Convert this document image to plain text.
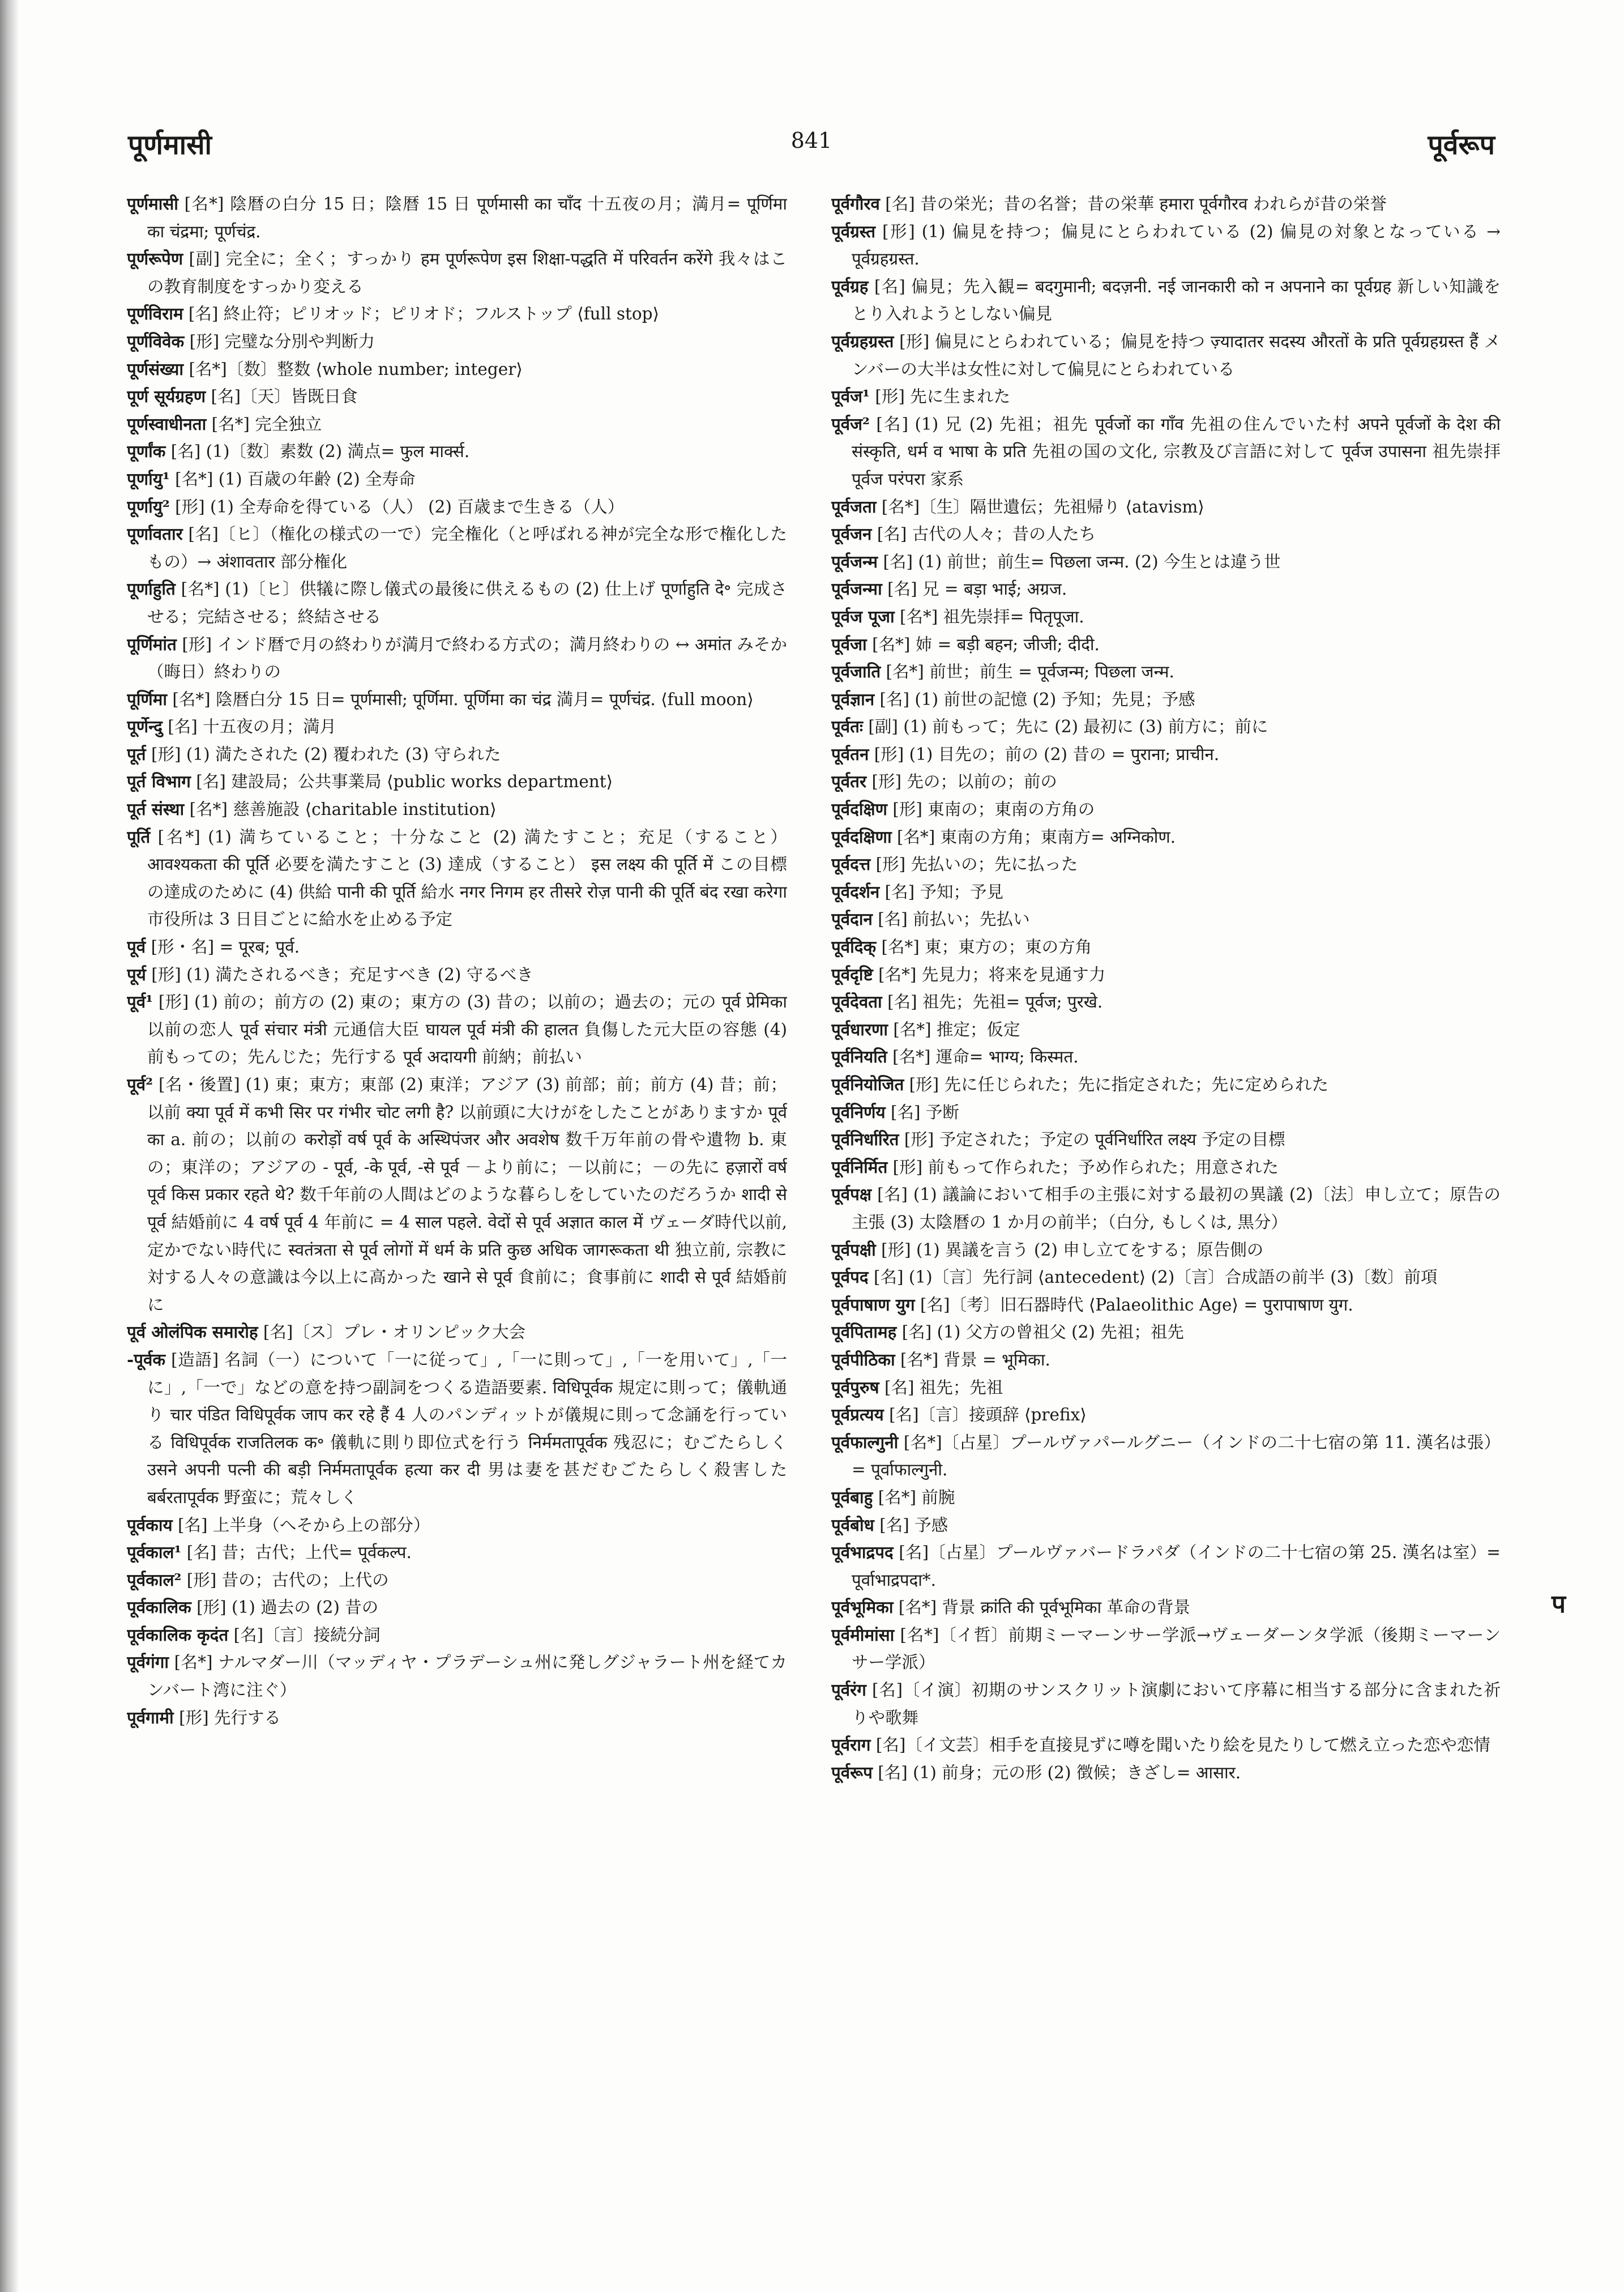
पूर्णमासी	841	पूर्वरूप

पूर्णमासी [名*] 陰暦の白分 15 日；陰暦 15 日 पूर्णमासी का चाँद 十五夜の月；満月= पूर्णिमा का चंद्रमा; पूर्णचंद्र.

पूर्णरूपेण [副] 完全に；全く；すっかり हम पूर्णरूपेण इस शिक्षा-पद्धति में परिवर्तन करेंगे 我々はこの教育制度をすっかり変える

पूर्णविराम [名] 終止符；ピリオッド；ピリオド；フルストップ ⟨full stop⟩

पूर्णविवेक [形] 完璧な分別や判断力

पूर्णसंख्या [名*]〔数〕整数 ⟨whole number; integer⟩

पूर्ण सूर्यग्रहण [名]〔天〕皆既日食

पूर्णस्वाधीनता [名*] 完全独立

पूर्णांक [名] (1)〔数〕素数 (2) 満点= फुल मार्क्स.

पूर्णायु¹ [名*] (1) 百歳の年齢 (2) 全寿命

पूर्णायु² [形] (1) 全寿命を得ている（人） (2) 百歳まで生きる（人）

पूर्णावतार [名]〔ヒ〕（権化の様式の一で）完全権化（と呼ばれる神が完全な形で権化したもの）→ अंशावतार 部分権化

पूर्णाहुति [名*] (1)〔ヒ〕供犠に際し儀式の最後に供えるもの (2) 仕上げ पूर्णाहुति दे॰ 完成させる；完結させる；終結させる

पूर्णिमांत [形] インド暦で月の終わりが満月で終わる方式の；満月終わりの ↔ अमांत みそか（晦日）終わりの

पूर्णिमा [名*] 陰暦白分 15 日= पूर्णमासी; पूर्णिमा. पूर्णिमा का चंद्र 満月= पूर्णचंद्र. ⟨full moon⟩

पूर्णेन्दु [名] 十五夜の月；満月

पूर्त [形] (1) 満たされた (2) 覆われた (3) 守られた

पूर्त विभाग [名] 建設局；公共事業局 ⟨public works department⟩

पूर्त संस्था [名*] 慈善施設 ⟨charitable institution⟩

पूर्ति [名*] (1) 満ちていること；十分なこと (2) 満たすこと；充足（すること） आवश्यकता की पूर्ति 必要を満たすこと (3) 達成（すること） इस लक्ष्य की पूर्ति में この目標の達成のために (4) 供給 पानी की पूर्ति 給水 नगर निगम हर तीसरे रोज़ पानी की पूर्ति बंद रखा करेगा 市役所は 3 日目ごとに給水を止める予定

पूर्व [形・名] = पूरब; पूर्व.

पूर्य [形] (1) 満たされるべき；充足すべき (2) 守るべき

पूर्व¹ [形] (1) 前の；前方の (2) 東の；東方の (3) 昔の；以前の；過去の；元の पूर्व प्रेमिका 以前の恋人 पूर्व संचार मंत्री 元通信大臣 घायल पूर्व मंत्री की हालत 負傷した元大臣の容態 (4) 前もっての；先んじた；先行する पूर्व अदायगी 前納；前払い

पूर्व² [名・後置] (1) 東；東方；東部 (2) 東洋；アジア (3) 前部；前；前方 (4) 昔；前；以前 क्या पूर्व में कभी सिर पर गंभीर चोट लगी है? 以前頭に大けがをしたことがありますか पूर्व का a. 前の；以前の करोड़ों वर्ष पूर्व के अस्थिपंजर और अवशेष 数千万年前の骨や遺物 b. 東の；東洋の；アジアの - पूर्व, -के पूर्व, -से पूर्व －より前に；－以前に；－の先に हज़ारों वर्ष पूर्व किस प्रकार रहते थे? 数千年前の人間はどのような暮らしをしていたのだろうか शादी से पूर्व 結婚前に 4 वर्ष पूर्व 4 年前に = 4 साल पहले. वेदों से पूर्व अज्ञात काल में ヴェーダ時代以前, 定かでない時代に स्वतंत्रता से पूर्व लोगों में धर्म के प्रति कुछ अधिक जागरूकता थी 独立前, 宗教に対する人々の意識は今以上に高かった खाने से पूर्व 食前に；食事前に शादी से पूर्व 結婚前に

पूर्व ओलंपिक समारोह [名]〔ス〕プレ・オリンピック大会

-पूर्वक [造語] 名詞（一）について「一に従って」,「一に則って」,「一を用いて」,「一に」,「一で」などの意を持つ副詞をつくる造語要素. विधिपूर्वक 規定に則って；儀軌通り चार पंडित विधिपूर्वक जाप कर रहे हैं 4 人のパンディットが儀規に則って念誦を行っている विधिपूर्वक राजतिलक क॰ 儀軌に則り即位式を行う निर्ममतापूर्वक 残忍に；むごたらしく उसने अपनी पत्नी की बड़ी निर्ममतापूर्वक हत्या कर दी 男は妻を甚だむごたらしく殺害した बर्बरतापूर्वक 野蛮に；荒々しく

पूर्वकाय [名] 上半身（へそから上の部分）

पूर्वकाल¹ [名] 昔；古代；上代= पूर्वकल्प.

पूर्वकाल² [形] 昔の；古代の；上代の

पूर्वकालिक [形] (1) 過去の (2) 昔の

पूर्वकालिक कृदंत [名]〔言〕接続分詞

पूर्वगंगा [名*] ナルマダー川（マッディヤ・プラデーシュ州に発しグジャラート州を経てカンバート湾に注ぐ）

पूर्वगामी [形] 先行する

पूर्वगौरव [名] 昔の栄光；昔の名誉；昔の栄華 हमारा पूर्वगौरव われらが昔の栄誉

पूर्वग्रस्त [形] (1) 偏見を持つ；偏見にとらわれている (2) 偏見の対象となっている → पूर्वग्रहग्रस्त.

पूर्वग्रह [名] 偏見；先入観= बदगुमानी; बदज़नी. नई जानकारी को न अपनाने का पूर्वग्रह 新しい知識をとり入れようとしない偏見

पूर्वग्रहग्रस्त [形] 偏見にとらわれている；偏見を持つ ज़्यादातर सदस्य औरतों के प्रति पूर्वग्रहग्रस्त हैं メンバーの大半は女性に対して偏見にとらわれている

पूर्वज¹ [形] 先に生まれた

पूर्वज² [名] (1) 兄 (2) 先祖；祖先 पूर्वजों का गाँव 先祖の住んでいた村 अपने पूर्वजों के देश की संस्कृति, धर्म व भाषा के प्रति 先祖の国の文化, 宗教及び言語に対して पूर्वज उपासना 祖先崇拝 पूर्वज परंपरा 家系

पूर्वजता [名*]〔生〕隔世遺伝；先祖帰り ⟨atavism⟩

पूर्वजन [名] 古代の人々；昔の人たち

पूर्वजन्म [名] (1) 前世；前生= पिछला जन्म. (2) 今生とは違う世

पूर्वजन्मा [名] 兄 = बड़ा भाई; अग्रज.

पूर्वज पूजा [名*] 祖先崇拝= पितृपूजा.

पूर्वजा [名*] 姉 = बड़ी बहन; जीजी; दीदी.

पूर्वजाति [名*] 前世；前生 = पूर्वजन्म; पिछला जन्म.

पूर्वज्ञान [名] (1) 前世の記憶 (2) 予知；先見；予感

पूर्वतः [副] (1) 前もって；先に (2) 最初に (3) 前方に；前に

पूर्वतन [形] (1) 目先の；前の (2) 昔の = पुराना; प्राचीन.

पूर्वतर [形] 先の；以前の；前の

पूर्वदक्षिण [形] 東南の；東南の方角の

पूर्वदक्षिणा [名*] 東南の方角；東南方= अग्निकोण.

पूर्वदत्त [形] 先払いの；先に払った

पूर्वदर्शन [名] 予知；予見

पूर्वदान [名] 前払い；先払い

पूर्वदिक् [名*] 東；東方の；東の方角

पूर्वदृष्टि [名*] 先見力；将来を見通す力

पूर्वदेवता [名] 祖先；先祖= पूर्वज; पुरखे.

पूर्वधारणा [名*] 推定；仮定

पूर्वनियति [名*] 運命= भाग्य; किस्मत.

पूर्वनियोजित [形] 先に任じられた；先に指定された；先に定められた

पूर्वनिर्णय [名] 予断

पूर्वनिर्धारित [形] 予定された；予定の पूर्वनिर्धारित लक्ष्य 予定の目標

पूर्वनिर्मित [形] 前もって作られた；予め作られた；用意された

पूर्वपक्ष [名] (1) 議論において相手の主張に対する最初の異議 (2)〔法〕申し立て；原告の主張 (3) 太陰暦の 1 か月の前半；（白分, もしくは, 黒分）

पूर्वपक्षी [形] (1) 異議を言う (2) 申し立てをする；原告側の

पूर्वपद [名] (1)〔言〕先行詞 ⟨antecedent⟩ (2)〔言〕合成語の前半 (3)〔数〕前項

पूर्वपाषाण युग [名]〔考〕旧石器時代 ⟨Palaeolithic Age⟩ = पुरापाषाण युग.

पूर्वपितामह [名] (1) 父方の曾祖父 (2) 先祖；祖先

पूर्वपीठिका [名*] 背景 = भूमिका.

पूर्वपुरुष [名] 祖先；先祖

पूर्वप्रत्यय [名]〔言〕接頭辞 ⟨prefix⟩

पूर्वफाल्गुनी [名*]〔占星〕プールヴァパールグニー（インドの二十七宿の第 11. 漢名は張）= पूर्वाफाल्गुनी.

पूर्वबाहु [名*] 前腕

पूर्वबोध [名] 予感

पूर्वभाद्रपद [名]〔占星〕プールヴァバードラパダ（インドの二十七宿の第 25. 漢名は室）= पूर्वाभाद्रपदा*.

पूर्वभूमिका [名*] 背景 क्रांति की पूर्वभूमिका 革命の背景

पूर्वमीमांसा [名*]〔イ哲〕前期ミーマーンサー学派→ヴェーダーンタ学派（後期ミーマーンサー学派）

पूर्वरंग [名]〔イ演〕初期のサンスクリット演劇において序幕に相当する部分に含まれた祈りや歌舞

पूर्वराग [名]〔イ文芸〕相手を直接見ずに噂を聞いたり絵を見たりして燃え立った恋や恋情

पूर्वरूप [名] (1) 前身；元の形 (2) 徴候；きざし= आसार.

प
